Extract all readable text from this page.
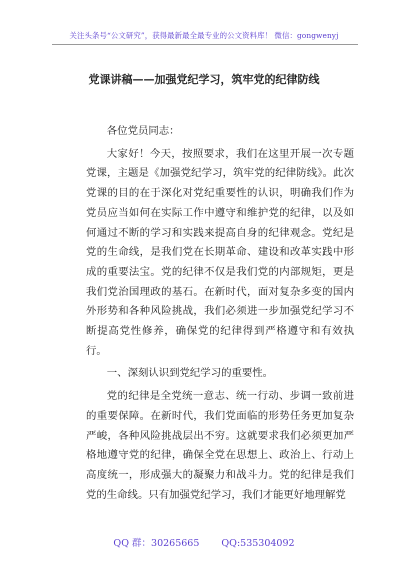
关注头条号“公文研究”，获得最新最全最专业的公文资料库！ 微信：gongwenyj
党课讲稿——加强党纪学习，筑牢党的纪律防线

各位党员同志：

大家好！今天，按照要求，我们在这里开展一次专题党课，主题是《加强党纪学习，筑牢党的纪律防线》。此次党课的目的在于深化对党纪重要性的认识，明确我们作为党员应当如何在实际工作中遵守和维护党的纪律，以及如何通过不断的学习和实践来提高自身的纪律观念。党纪是党的生命线，是我们党在长期革命、建设和改革实践中形成的重要法宝。党的纪律不仅是我们党的内部规矩，更是我们党治国理政的基石。在新时代，面对复杂多变的国内外形势和各种风险挑战，我们必须进一步加强党纪学习不断提高党性修养，确保党的纪律得到严格遵守和有效执行。

一、深刻认识到党纪学习的重要性。

党的纪律是全党统一意志、统一行动、步调一致前进的重要保障。在新时代，我们党面临的形势任务更加复杂严峻，各种风险挑战层出不穷。这就要求我们必须更加严格地遵守党的纪律，确保全党在思想上、政治上、行动上高度统一，形成强大的凝聚力和战斗力。党的纪律是我们党的生命线。只有加强党纪学习，我们才能更好地理解党

QQ 群：30265665 QQ:535304092
